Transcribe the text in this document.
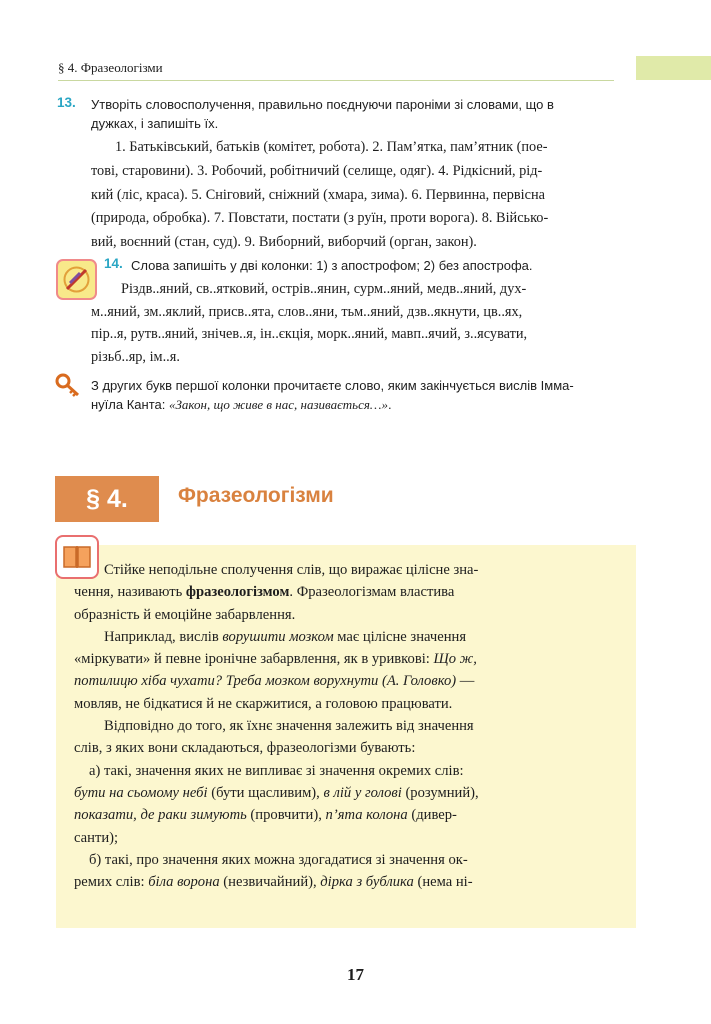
§ 4. Фразеологізми
13. Утворіть словосполучення, правильно поєднуючи пароніми зі словами, що в
дужках, і запишіть їх.
1. Батьківський, батьків (комітет, робота). 2. Пам’ятка, пам’ятник (пое-
тові, старовини). 3. Робочий, робітничий (селище, одяг). 4. Рідкісний, рід-
кий (ліс, краса). 5. Сніговий, сніжний (хмара, зима). 6. Первинна, первісна
(природа, обробка). 7. Повстати, постати (з руїн, проти ворога). 8. Військо-
вий, воєнний (стан, суд). 9. Виборний, виборчий (орган, закон).
14. Слова запишіть у дві колонки: 1) з апострофом; 2) без апострофа.
Різдв..яний, св..ятковий, острів..янин, сурм..яний, медв..яний, дух-
м..яний, зм..яклий, присв..ята, слов..яни, тьм..яний, дзв..якнути, цв..ях,
пір..я, рутв..яний, знічев..я, ін..єкція, морк..яний, мавп..ячий, з..ясувати,
різьб..яр, ім..я.
З других букв першої колонки прочитаєте слово, яким закінчується вислів Імма-
нуїла Канта: «Закон, що живе в нас, називається…».
§ 4.	Фразеологізми

Стійке неподільне сполучення слів, що виражає цілісне зна-
чення, називають фразеологізмом. Фразеологізмам властива
образність й емоційне забарвлення.

Наприклад, вислів ворушити мозком має цілісне значення
«міркувати» й певне іронічне забарвлення, як в уривкові: Що ж,
потилицю хіба чухати? Треба мозком ворухнути (А. Головко) —
мовляв, не бідкатися й не скаржитися, а головою працювати.

Відповідно до того, як їхнє значення залежить від значення
слів, з яких вони складаються, фразеологізми бувають:

а) такі, значення яких не випливає зі значення окремих слів:
бути на сьомому небі (бути щасливим), в лій у голові (розумний),
показати, де раки зимують (провчити), п’ята колона (дивер-
санти);

б) такі, про значення яких можна здогадатися зі значення ок-
ремих слів: біла ворона (незвичайний), дірка з бублика (нема ні-

17
